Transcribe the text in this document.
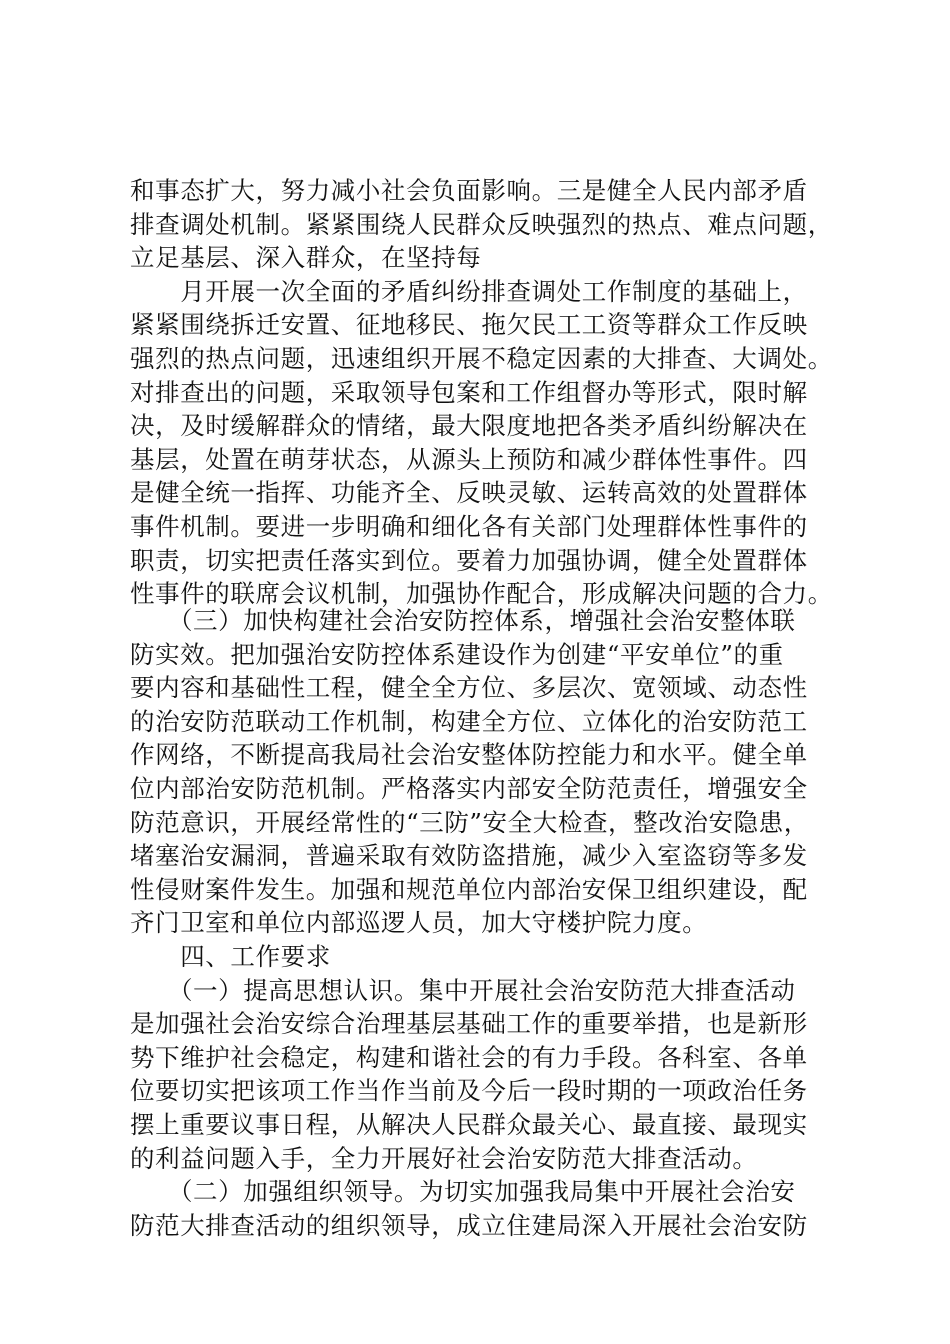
和事态扩大，努力减小社会负面影响。三是健全人民内部矛盾
排查调处机制。紧紧围绕人民群众反映强烈的热点、难点问题，
立足基层、深入群众，在坚持每
　　月开展一次全面的矛盾纠纷排查调处工作制度的基础上，
紧紧围绕拆迁安置、征地移民、拖欠民工工资等群众工作反映
强烈的热点问题，迅速组织开展不稳定因素的大排查、大调处。
对排查出的问题，采取领导包案和工作组督办等形式，限时解
决，及时缓解群众的情绪，最大限度地把各类矛盾纠纷解决在
基层，处置在萌芽状态，从源头上预防和减少群体性事件。四
是健全统一指挥、功能齐全、反映灵敏、运转高效的处置群体
事件机制。要进一步明确和细化各有关部门处理群体性事件的
职责，切实把责任落实到位。要着力加强协调，健全处置群体
性事件的联席会议机制，加强协作配合，形成解决问题的合力。
　　（三）加快构建社会治安防控体系，增强社会治安整体联
防实效。把加强治安防控体系建设作为创建“平安单位”的重
要内容和基础性工程，健全全方位、多层次、宽领域、动态性
的治安防范联动工作机制，构建全方位、立体化的治安防范工
作网络，不断提高我局社会治安整体防控能力和水平。健全单
位内部治安防范机制。严格落实内部安全防范责任，增强安全
防范意识，开展经常性的“三防”安全大检查，整改治安隐患，
堵塞治安漏洞，普遍采取有效防盗措施，减少入室盗窃等多发
性侵财案件发生。加强和规范单位内部治安保卫组织建设，配
齐门卫室和单位内部巡逻人员，加大守楼护院力度。
　　四、工作要求
　　（一）提高思想认识。集中开展社会治安防范大排查活动
是加强社会治安综合治理基层基础工作的重要举措，也是新形
势下维护社会稳定，构建和谐社会的有力手段。各科室、各单
位要切实把该项工作当作当前及今后一段时期的一项政治任务
摆上重要议事日程，从解决人民群众最关心、最直接、最现实
的利益问题入手，全力开展好社会治安防范大排查活动。
　　（二）加强组织领导。为切实加强我局集中开展社会治安
防范大排查活动的组织领导，成立住建局深入开展社会治安防
